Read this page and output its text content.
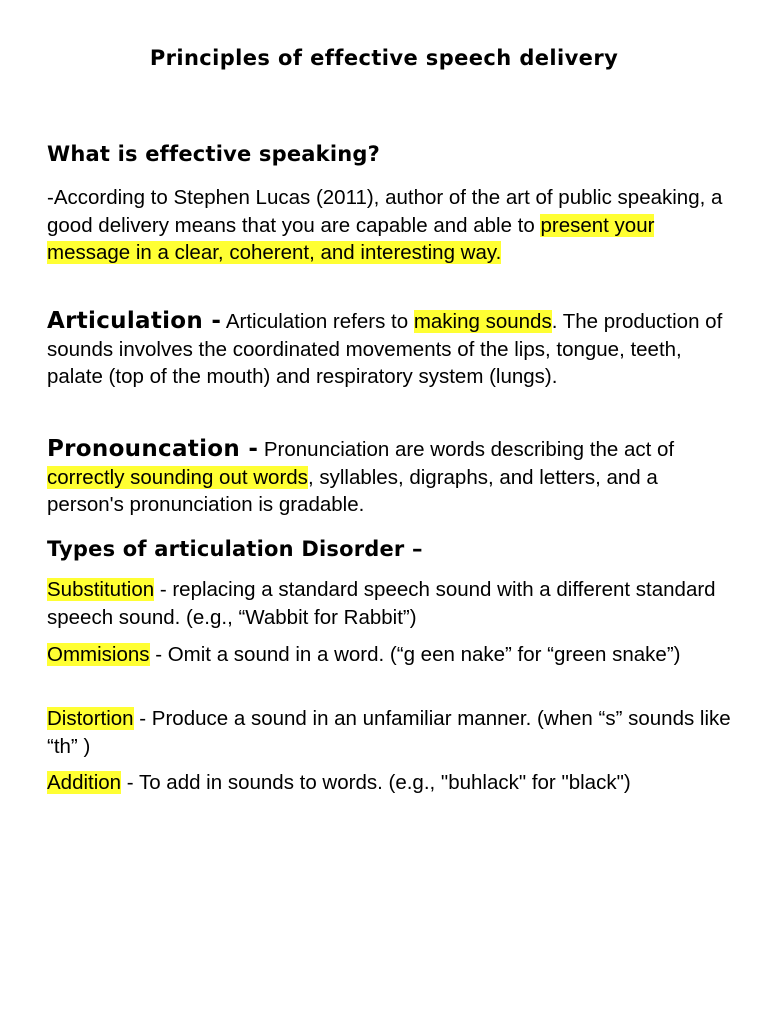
Principles of effective speech delivery
What is effective speaking?
-According to Stephen Lucas (2011), author of the art of public speaking, a good delivery means that you are capable and able to present your message in a clear, coherent, and interesting way.
Articulation - Articulation refers to making sounds. The production of sounds involves the coordinated movements of the lips, tongue, teeth, palate (top of the mouth) and respiratory system (lungs).
Pronouncation - Pronunciation are words describing the act of correctly sounding out words, syllables, digraphs, and letters, and a person's pronunciation is gradable.
Types of articulation Disorder –
Substitution - replacing a standard speech sound with a different standard speech sound. (e.g., “Wabbit for Rabbit”)
Ommisions - Omit a sound in a word. (“g een nake” for “green snake”)
Distortion - Produce a sound in an unfamiliar manner. (when “s” sounds like “th” )
Addition - To add in sounds to words. (e.g., "buhlack" for "black")
